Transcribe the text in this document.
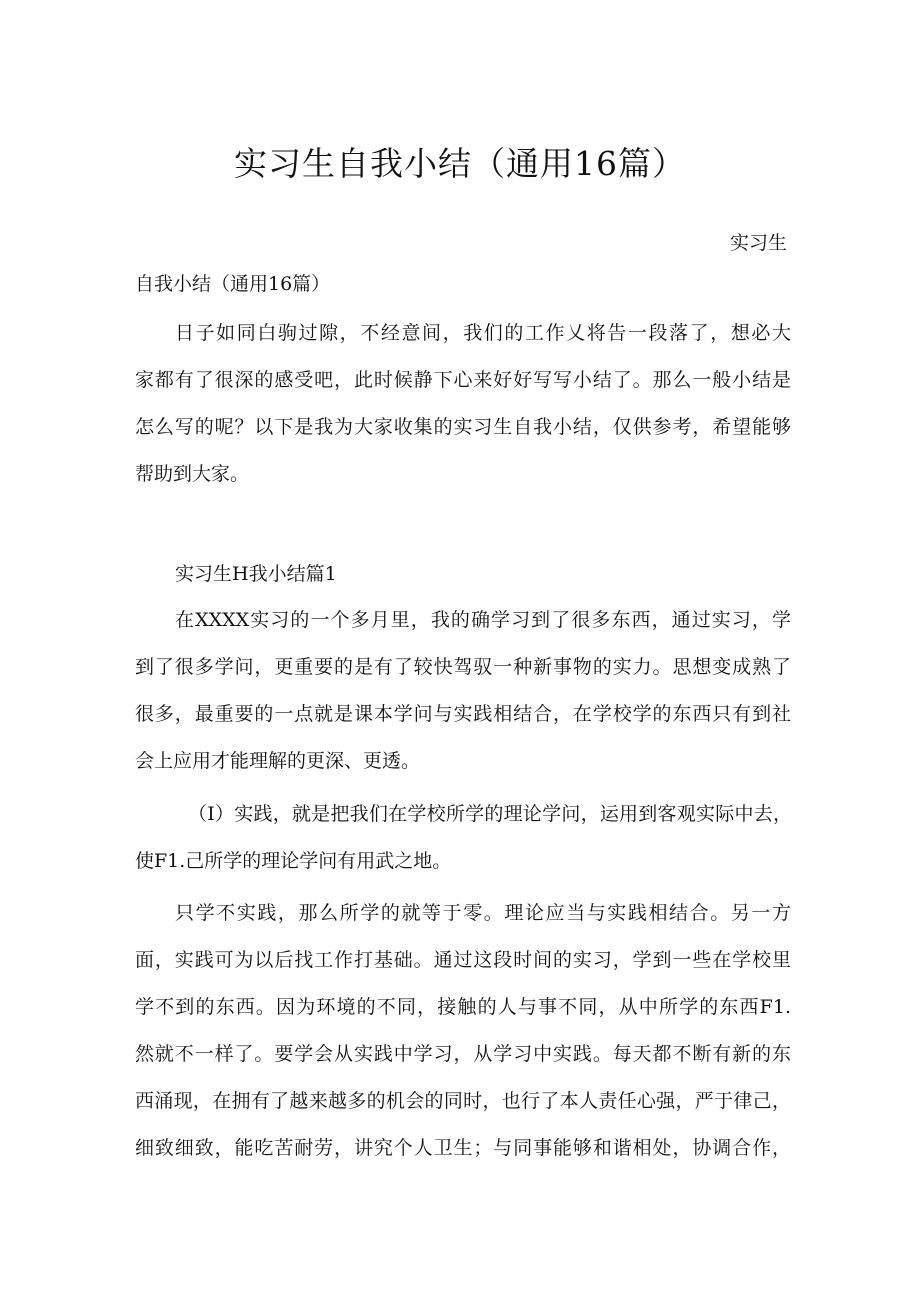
实习生自我小结（通用16篇）

实习生

自我小结（通用16篇）

日子如同白驹过隙，不经意间，我们的工作乂将告一段落了，想必大

家都有了很深的感受吧，此时候静下心来好好写写小结了。那么一般小结是

怎么写的呢？以下是我为大家收集的实习生自我小结，仅供参考，希望能够

帮助到大家。

实习生H我小结篇1

在XXXX实习的一个多月里，我的确学习到了很多东西，通过实习，学

到了很多学问，更重要的是有了较快驾驭一种新事物的实力。思想变成熟了

很多，最重要的一点就是课本学问与实践相结合，在学校学的东西只有到社

会上应用才能理解的更深、更透。

（I）实践，就是把我们在学校所学的理论学问，运用到客观实际中去，

使F1.己所学的理论学问有用武之地。

只学不实践，那么所学的就等于零。理论应当与实践相结合。另一方

面，实践可为以后找工作打基础。通过这段时间的实习，学到一些在学校里

学不到的东西。因为环境的不同，接触的人与事不同，从中所学的东西F1.

然就不一样了。要学会从实践中学习，从学习中实践。每天都不断有新的东

西涌现，在拥有了越来越多的机会的同时，也行了本人责任心强，严于律己，

细致细致，能吃苦耐劳，讲究个人卫生；与同事能够和谐相处，协调合作，
